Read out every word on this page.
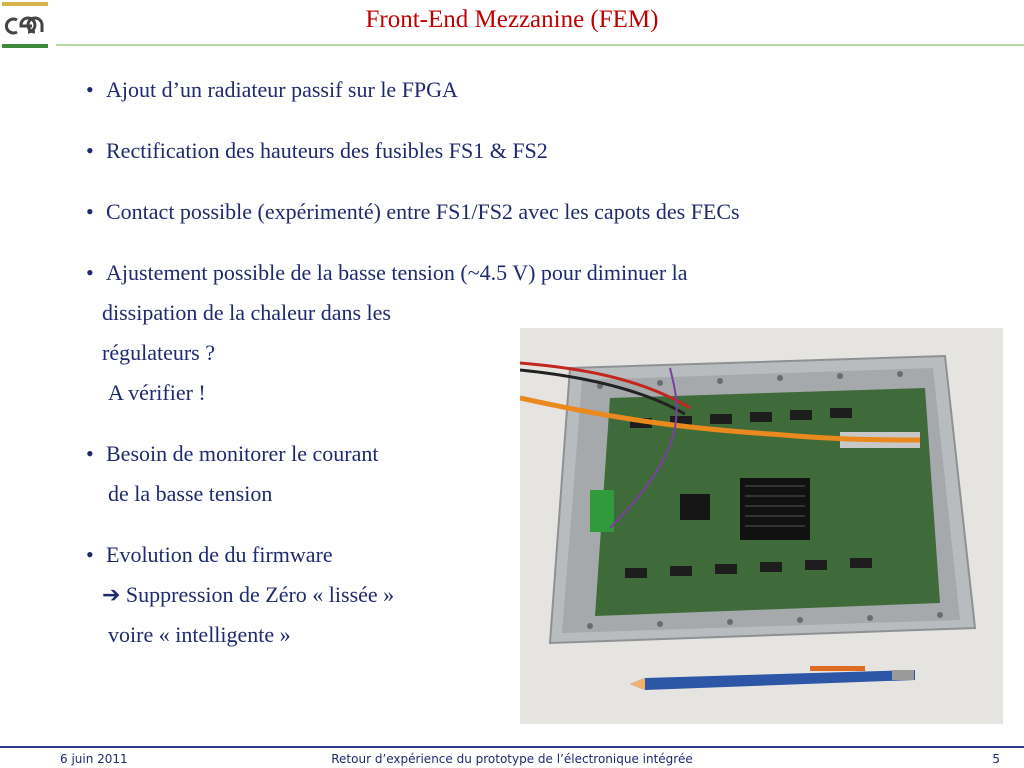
Front-End Mezzanine (FEM)
• Ajout d’un radiateur passif sur le FPGA
• Rectification des hauteurs des fusibles FS1 & FS2
• Contact possible (expérimenté) entre FS1/FS2 avec les capots des FECs
• Ajustement possible de la basse tension (~4.5 V) pour diminuer la
dissipation de la chaleur dans les
régulateurs ?
A vérifier !
• Besoin de monitorer le courant
de la basse tension
• Evolution de du firmware
➔ Suppression de Zéro « lissée »
voire « intelligente »
6 juin 2011	Retour d’expérience du prototype de l’électronique intégrée	5
